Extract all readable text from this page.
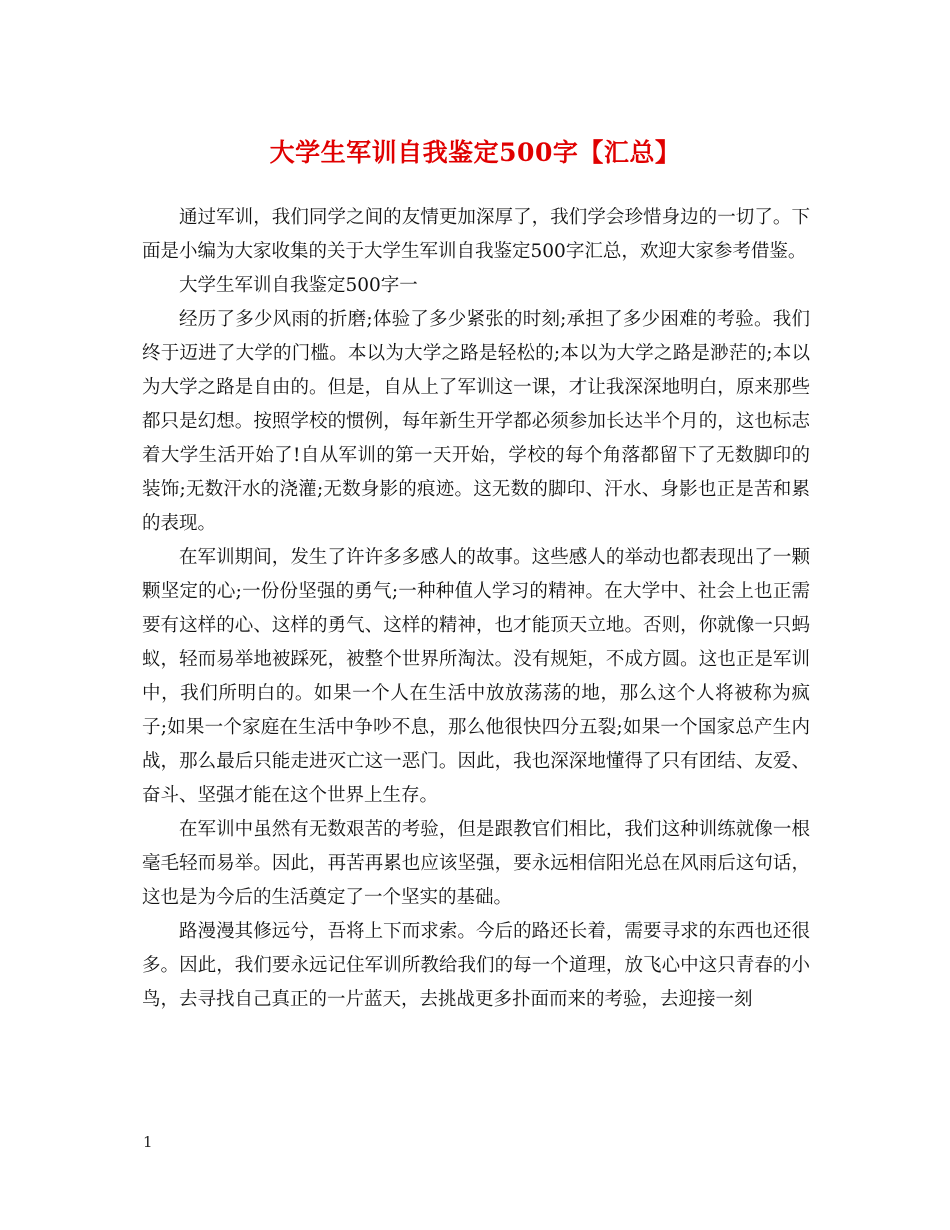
大学生军训自我鉴定500字【汇总】

通过军训，我们同学之间的友情更加深厚了，我们学会珍惜身边的一切了。下面是小编为大家收集的关于大学生军训自我鉴定500字汇总，欢迎大家参考借鉴。

大学生军训自我鉴定500字一

经历了多少风雨的折磨;体验了多少紧张的时刻;承担了多少困难的考验。我们终于迈进了大学的门槛。本以为大学之路是轻松的;本以为大学之路是渺茫的;本以为大学之路是自由的。但是，自从上了军训这一课，才让我深深地明白，原来那些都只是幻想。按照学校的惯例，每年新生开学都必须参加长达半个月的，这也标志着大学生活开始了!自从军训的第一天开始，学校的每个角落都留下了无数脚印的装饰;无数汗水的浇灌;无数身影的痕迹。这无数的脚印、汗水、身影也正是苦和累的表现。

在军训期间，发生了许许多多感人的故事。这些感人的举动也都表现出了一颗颗坚定的心;一份份坚强的勇气;一种种值人学习的精神。在大学中、社会上也正需要有这样的心、这样的勇气、这样的精神，也才能顶天立地。否则，你就像一只蚂蚁，轻而易举地被踩死，被整个世界所淘汰。没有规矩，不成方圆。这也正是军训中，我们所明白的。如果一个人在生活中放放荡荡的地，那么这个人将被称为疯子;如果一个家庭在生活中争吵不息，那么他很快四分五裂;如果一个国家总产生内战，那么最后只能走进灭亡这一恶门。因此，我也深深地懂得了只有团结、友爱、奋斗、坚强才能在这个世界上生存。

在军训中虽然有无数艰苦的考验，但是跟教官们相比，我们这种训练就像一根毫毛轻而易举。因此，再苦再累也应该坚强，要永远相信阳光总在风雨后这句话，这也是为今后的生活奠定了一个坚实的基础。

路漫漫其修远兮，吾将上下而求索。今后的路还长着，需要寻求的东西也还很多。因此，我们要永远记住军训所教给我们的每一个道理，放飞心中这只青春的小鸟，去寻找自己真正的一片蓝天，去挑战更多扑面而来的考验，去迎接一刻

1
